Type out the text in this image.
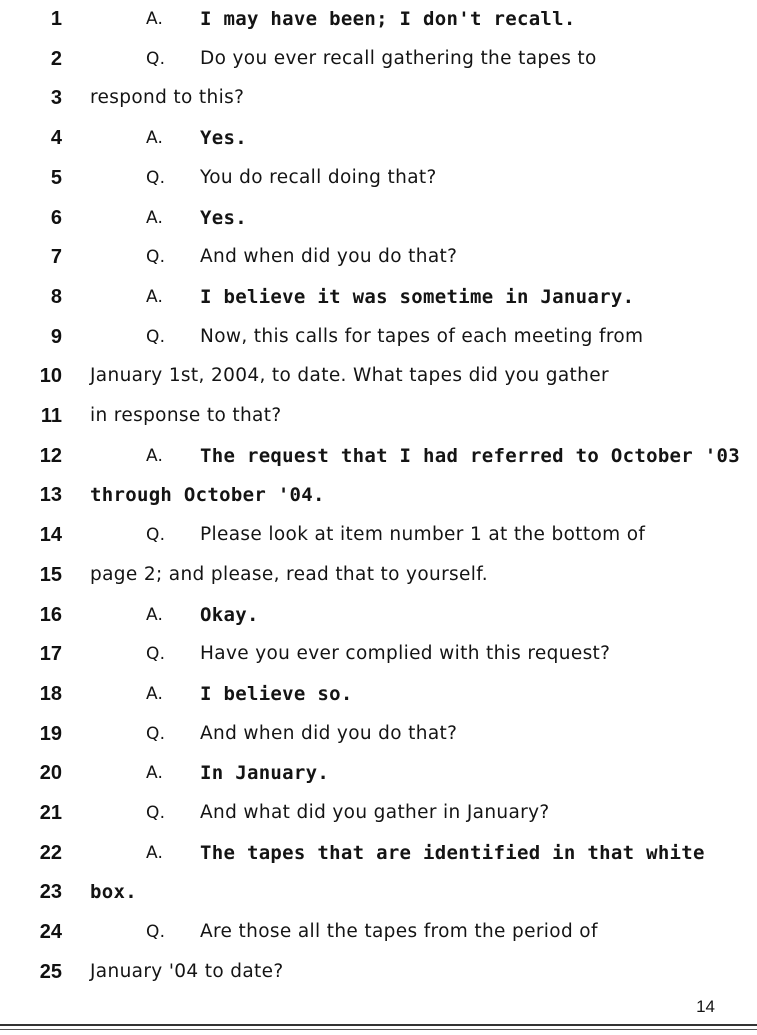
1	A. I may have been; I don't recall.
2	Q. Do you ever recall gathering the tapes to
3 respond to this?
4	A. Yes.
5	Q. You do recall doing that?
6	A. Yes.
7	Q. And when did you do that?
8	A. I believe it was sometime in January.
9	Q. Now, this calls for tapes of each meeting from
10 January 1st, 2004, to date. What tapes did you gather
11 in response to that?
12	A. The request that I had referred to October '03
13 through October '04.
14	Q. Please look at item number 1 at the bottom of
15 page 2; and please, read that to yourself.
16	A. Okay.
17	Q. Have you ever complied with this request?
18	A. I believe so.
19	Q. And when did you do that?
20	A. In January.
21	Q. And what did you gather in January?
22	A. The tapes that are identified in that white
23 box.
24	Q. Are those all the tapes from the period of
25 January '04 to date?
14
